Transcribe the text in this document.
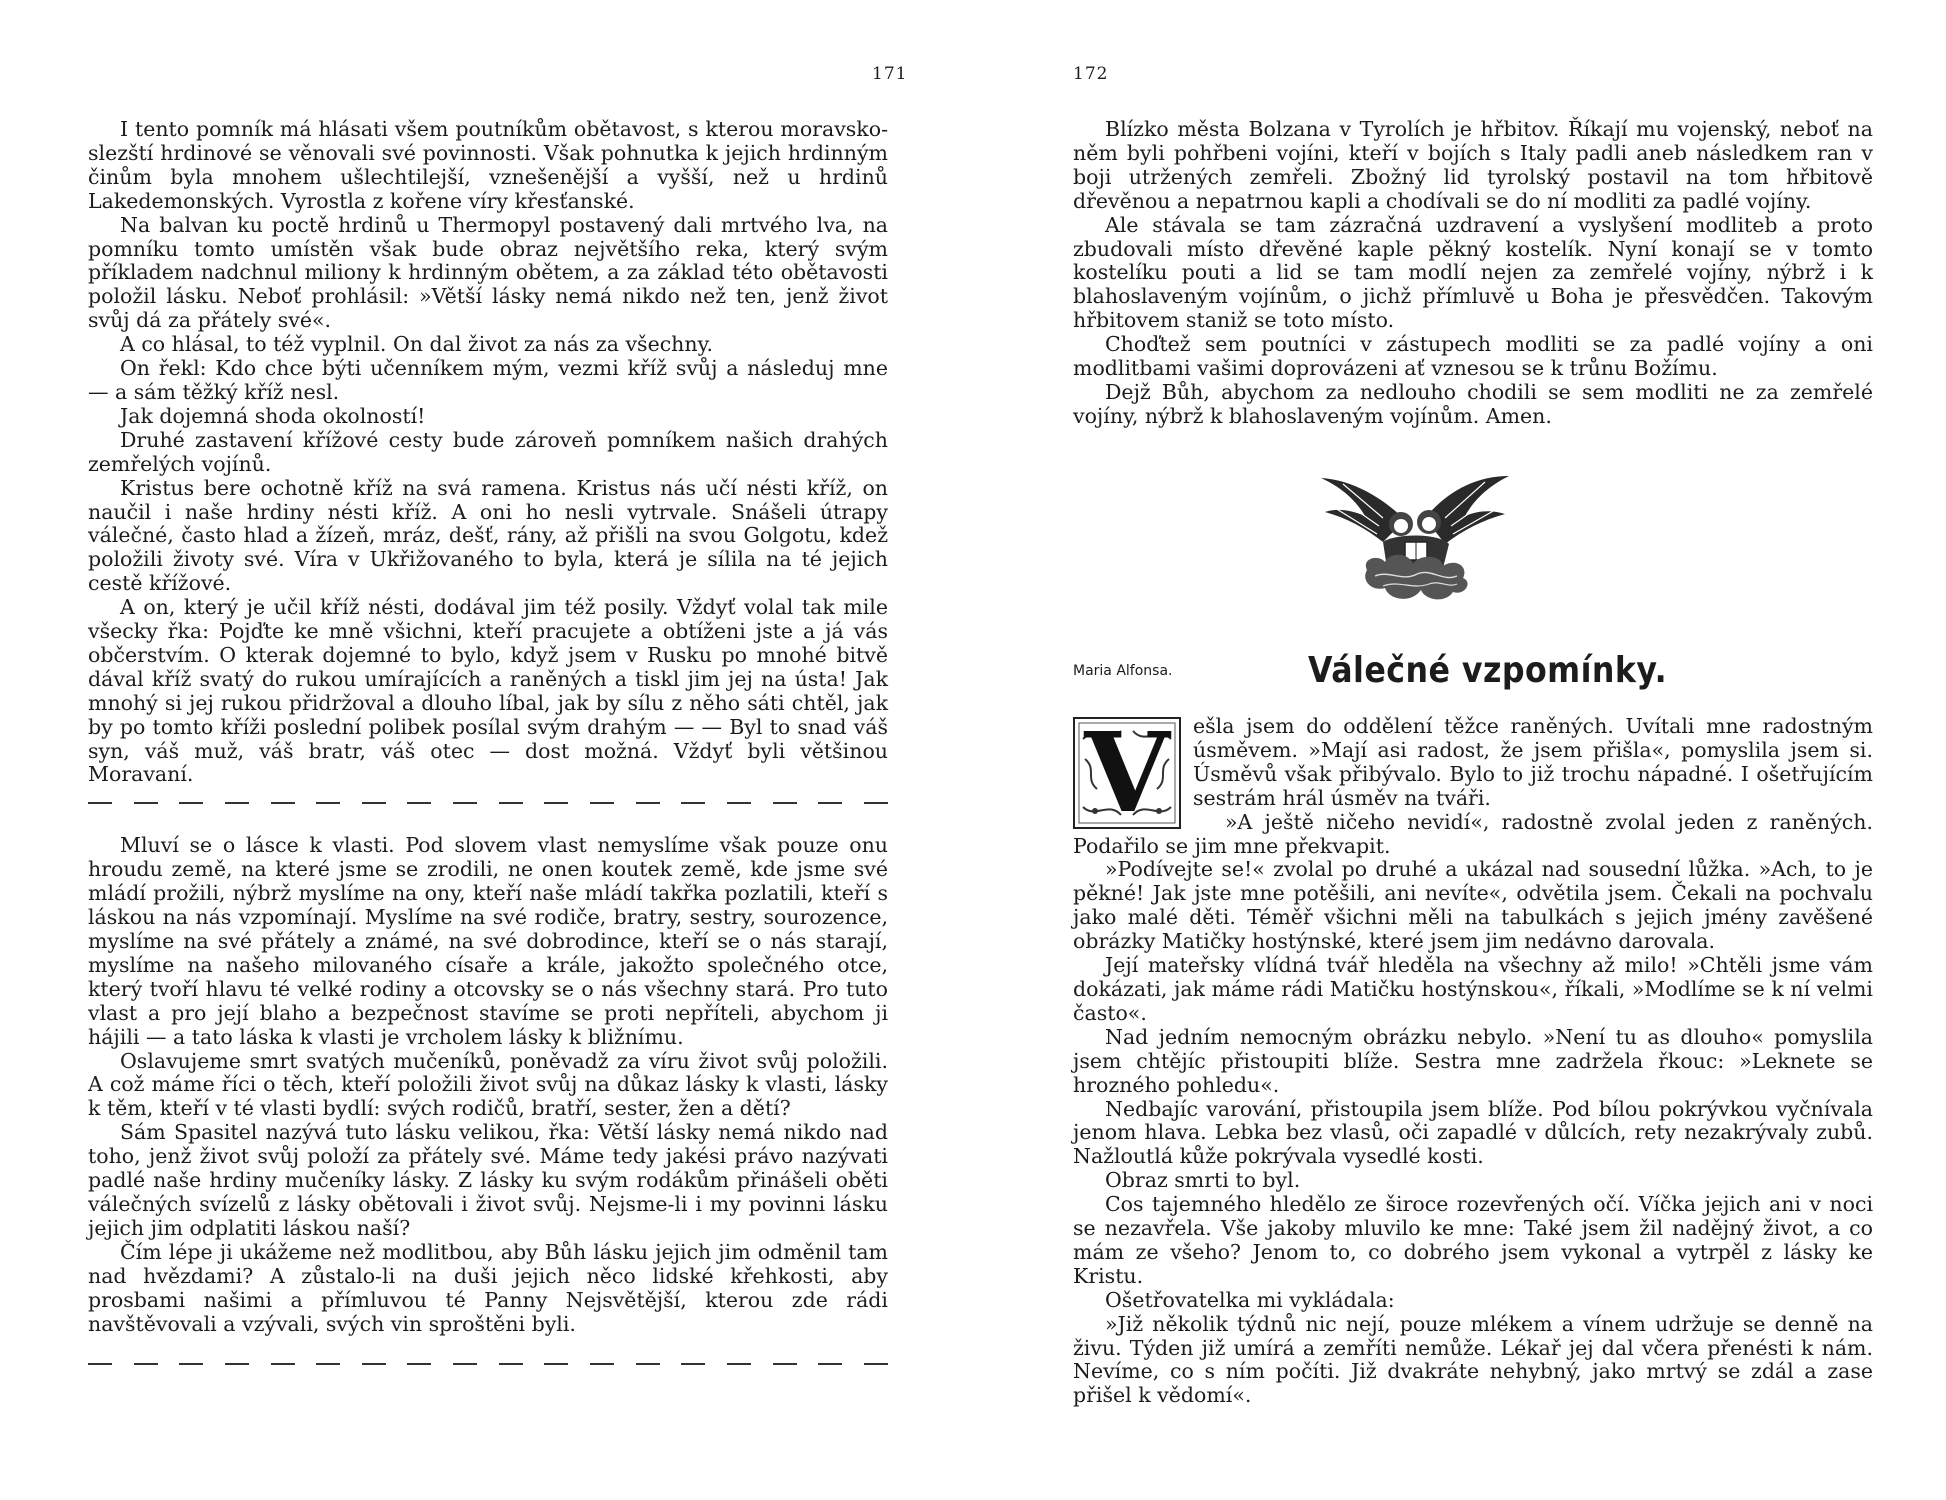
171

I tento pomník má hlásati všem poutníkům obětavost, s kterou moravsko-slezští hrdinové se věnovali své povinnosti. Však pohnutka k jejich hrdinným činům byla mnohem ušlechtilejší, vznešenější a vyšší, než u hrdinů Lakedemonských. Vyrostla z kořene víry křesťanské.

Na balvan ku poctě hrdinů u Thermopyl postavený dali mrtvého lva, na pomníku tomto umístěn však bude obraz největšího reka, který svým příkladem nadchnul miliony k hrdinným obětem, a za základ této obětavosti položil lásku. Neboť prohlásil: »Větší lásky nemá nikdo než ten, jenž život svůj dá za přátely své«.

A co hlásal, to též vyplnil. On dal život za nás za všechny.

On řekl: Kdo chce býti učenníkem mým, vezmi kříž svůj a následuj mne — a sám těžký kříž nesl.

Jak dojemná shoda okolností!

Druhé zastavení křížové cesty bude zároveň pomníkem našich drahých zemřelých vojínů.

Kristus bere ochotně kříž na svá ramena. Kristus nás učí nésti kříž, on naučil i naše hrdiny nésti kříž. A oni ho nesli vytrvale. Snášeli útrapy válečné, často hlad a žízeň, mráz, dešť, rány, až přišli na svou Golgotu, kdež položili životy své. Víra v Ukřižovaného to byla, která je sílila na té jejich cestě křížové.

A on, který je učil kříž nésti, dodával jim též posily. Vždyť volal tak mile všecky řka: Pojďte ke mně všichni, kteří pracujete a obtíženi jste a já vás občerstvím. O kterak dojemné to bylo, když jsem v Rusku po mnohé bitvě dával kříž svatý do rukou umírajících a raněných a tiskl jim jej na ústa! Jak mnohý si jej rukou přidržoval a dlouho líbal, jak by sílu z něho sáti chtěl, jak by po tomto kříži poslední polibek posílal svým drahým — — Byl to snad váš syn, váš muž, váš bratr, váš otec — dost možná. Vždyť byli většinou Moravaní.

Mluví se o lásce k vlasti. Pod slovem vlast nemyslíme však pouze onu hroudu země, na které jsme se zrodili, ne onen koutek země, kde jsme své mládí prožili, nýbrž myslíme na ony, kteří naše mládí takřka pozlatili, kteří s láskou na nás vzpomínají. Myslíme na své rodiče, bratry, sestry, sourozence, myslíme na své přátely a známé, na své dobrodince, kteří se o nás starají, myslíme na našeho milovaného císaře a krále, jakožto společného otce, který tvoří hlavu té velké rodiny a otcovsky se o nás všechny stará. Pro tuto vlast a pro její blaho a bezpečnost stavíme se proti nepříteli, abychom ji hájili — a tato láska k vlasti je vrcholem lásky k bližnímu.

Oslavujeme smrt svatých mučeníků, poněvadž za víru život svůj položili. A což máme říci o těch, kteří položili život svůj na důkaz lásky k vlasti, lásky k těm, kteří v té vlasti bydlí: svých rodičů, bratří, sester, žen a dětí?

Sám Spasitel nazývá tuto lásku velikou, řka: Větší lásky nemá nikdo nad toho, jenž život svůj položí za přátely své. Máme tedy jakési právo nazývati padlé naše hrdiny mučeníky lásky. Z lásky ku svým rodákům přinášeli oběti válečných svízelů z lásky obětovali i život svůj. Nejsme-li i my povinni lásku jejich jim odplatiti láskou naší?

Čím lépe ji ukážeme než modlitbou, aby Bůh lásku jejich jim odměnil tam nad hvězdami? A zůstalo-li na duši jejich něco lidské křehkosti, aby prosbami našimi a přímluvou té Panny Nejsvětější, kterou zde rádi navštěvovali a vzývali, svých vin sproštěni byli.

172

Blízko města Bolzana v Tyrolích je hřbitov. Říkají mu vojenský, neboť na něm byli pohřbeni vojíni, kteří v bojích s Italy padli aneb následkem ran v boji utržených zemřeli. Zbožný lid tyrolský postavil na tom hřbitově dřevěnou a nepatrnou kapli a chodívali se do ní modliti za padlé vojíny.

Ale stávala se tam zázračná uzdravení a vyslyšení modliteb a proto zbudovali místo dřevěné kaple pěkný kostelík. Nyní konají se v tomto kostelíku pouti a lid se tam modlí nejen za zemřelé vojíny, nýbrž i k blahoslaveným vojínům, o jichž přímluvě u Boha je přesvědčen. Takovým hřbitovem staniž se toto místo.

Choďtež sem poutníci v zástupech modliti se za padlé vojíny a oni modlitbami vašimi doprovázeni ať vznesou se k trůnu Božímu.

Dejž Bůh, abychom za nedlouho chodili se sem modliti ne za zemřelé vojíny, nýbrž k blahoslaveným vojínům. Amen.

Maria Alfonsa.	Válečné vzpomínky.
V	ešla jsem do oddělení těžce raněných. Uvítali mne radostným úsměvem. »Mají asi radost, že jsem přišla«, pomyslila jsem si. Úsměvů však přibývalo. Bylo to již trochu nápadné. I ošetřujícím sestrám hrál úsměv na tváři.

»A ještě ničeho nevidí«, radostně zvolal jeden z raněných. Podařilo se jim mne překvapit.

»Podívejte se!« zvolal po druhé a ukázal nad sousední lůžka. »Ach, to je pěkné! Jak jste mne potěšili, ani nevíte«, odvětila jsem. Čekali na pochvalu jako malé děti. Téměř všichni měli na tabulkách s jejich jmény zavěšené obrázky Matičky hostýnské, které jsem jim nedávno darovala.

Její mateřsky vlídná tvář hleděla na všechny až milo! »Chtěli jsme vám dokázati, jak máme rádi Matičku hostýnskou«, říkali, »Modlíme se k ní velmi často«.

Nad jedním nemocným obrázku nebylo. »Není tu as dlouho« pomyslila jsem chtějíc přistoupiti blíže. Sestra mne zadržela řkouc: »Leknete se hrozného pohledu«.

Nedbajíc varování, přistoupila jsem blíže. Pod bílou pokrývkou vyčnívala jenom hlava. Lebka bez vlasů, oči zapadlé v důlcích, rety nezakrývaly zubů. Nažloutlá kůže pokrývala vysedlé kosti.

Obraz smrti to byl.

Cos tajemného hledělo ze široce rozevřených očí. Víčka jejich ani v noci se nezavřela. Vše jakoby mluvilo ke mne: Také jsem žil nadějný život, a co mám ze všeho? Jenom to, co dobrého jsem vykonal a vytrpěl z lásky ke Kristu.

Ošetřovatelka mi vykládala:

»Již několik týdnů nic nejí, pouze mlékem a vínem udržuje se denně na živu. Týden již umírá a zemříti nemůže. Lékař jej dal včera přenésti k nám. Nevíme, co s ním počíti. Již dvakráte nehybný, jako mrtvý se zdál a zase přišel k vědomí«.
